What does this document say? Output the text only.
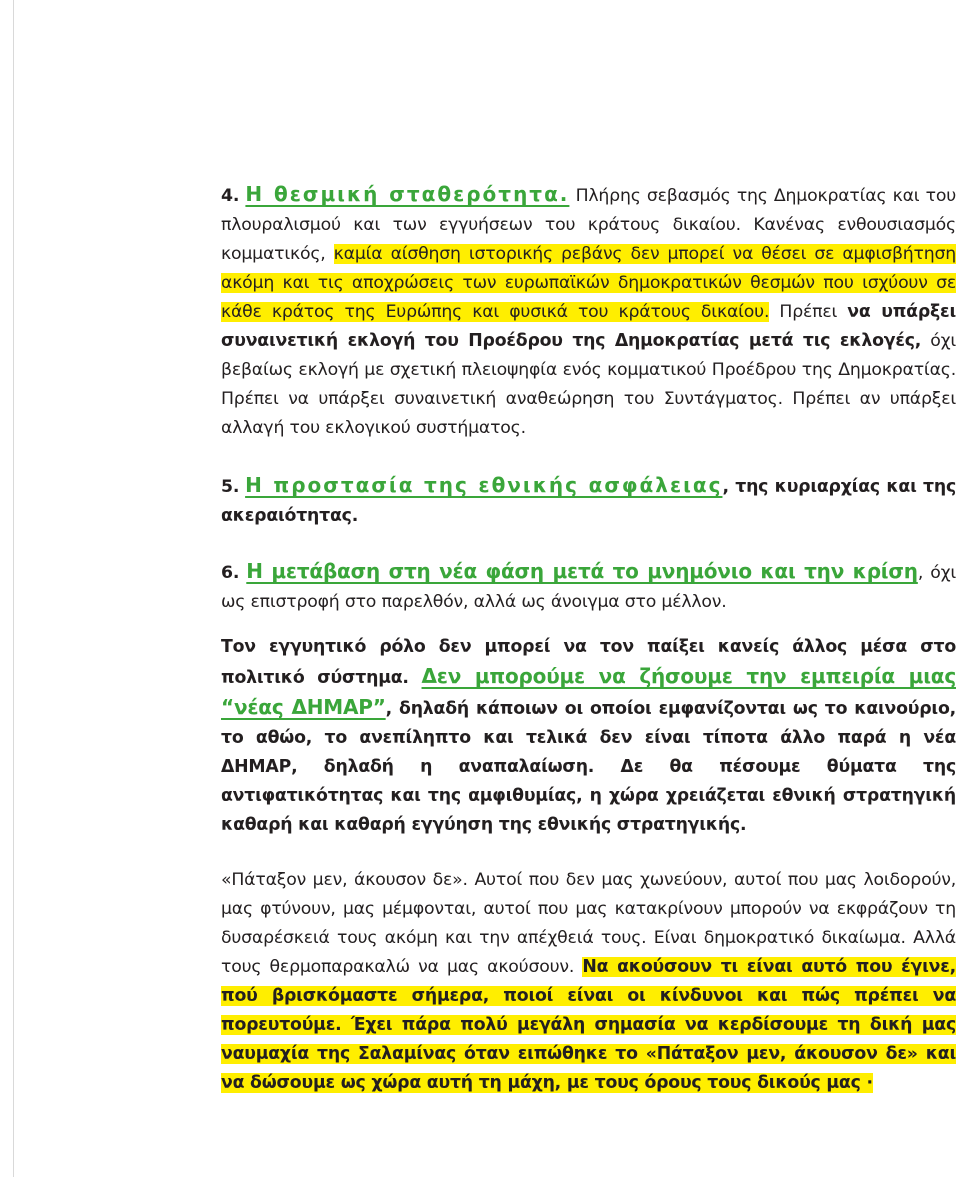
4. Η θεσμική σταθερότητα. Πλήρης σεβασμός της Δημοκρατίας και του πλουραλισμού και των εγγυήσεων του κράτους δικαίου. Κανένας ενθουσιασμός κομματικός, καμία αίσθηση ιστορικής ρεβάνς δεν μπορεί να θέσει σε αμφισβήτηση ακόμη και τις αποχρώσεις των ευρωπαϊκών δημοκρατικών θεσμών που ισχύουν σε κάθε κράτος της Ευρώπης και φυσικά του κράτους δικαίου. Πρέπει να υπάρξει συναινετική εκλογή του Προέδρου της Δημοκρατίας μετά τις εκλογές, όχι βεβαίως εκλογή με σχετική πλειοψηφία ενός κομματικού Προέδρου της Δημοκρατίας. Πρέπει να υπάρξει συναινετική αναθεώρηση του Συντάγματος. Πρέπει αν υπάρξει αλλαγή του εκλογικού συστήματος.

5. Η προστασία της εθνικής ασφάλειας, της κυριαρχίας και της ακεραιότητας.

6. Η μετάβαση στη νέα φάση μετά το μνημόνιο και την κρίση, όχι ως επιστροφή στο παρελθόν, αλλά ως άνοιγμα στο μέλλον.

Τον εγγυητικό ρόλο δεν μπορεί να τον παίξει κανείς άλλος μέσα στο πολιτικό σύστημα. Δεν μπορούμε να ζήσουμε την εμπειρία μιας “νέας ΔΗΜΑΡ”, δηλαδή κάποιων οι οποίοι εμφανίζονται ως το καινούριο, το αθώο, το ανεπίληπτο και τελικά δεν είναι τίποτα άλλο παρά η νέα ΔΗΜΑΡ, δηλαδή η αναπαλαίωση. Δε θα πέσουμε θύματα της αντιφατικότητας και της αμφιθυμίας, η χώρα χρειάζεται εθνική στρατηγική καθαρή και καθαρή εγγύηση της εθνικής στρατηγικής.

«Πάταξον μεν, άκουσον δε». Αυτοί που δεν μας χωνεύουν, αυτοί που μας λοιδορούν, μας φτύνουν, μας μέμφονται, αυτοί που μας κατακρίνουν μπορούν να εκφράζουν τη δυσαρέσκειά τους ακόμη και την απέχθειά τους. Είναι δημοκρατικό δικαίωμα. Αλλά τους θερμοπαρακαλώ να μας ακούσουν. Να ακούσουν τι είναι αυτό που έγινε, πού βρισκόμαστε σήμερα, ποιοί είναι οι κίνδυνοι και πώς πρέπει να πορευτούμε. Έχει πάρα πολύ μεγάλη σημασία να κερδίσουμε τη δική μας ναυμαχία της Σαλαμίνας όταν ειπώθηκε το «Πάταξον μεν, άκουσον δε» και να δώσουμε ως χώρα αυτή τη μάχη, με τους όρους τους δικούς μας ·
